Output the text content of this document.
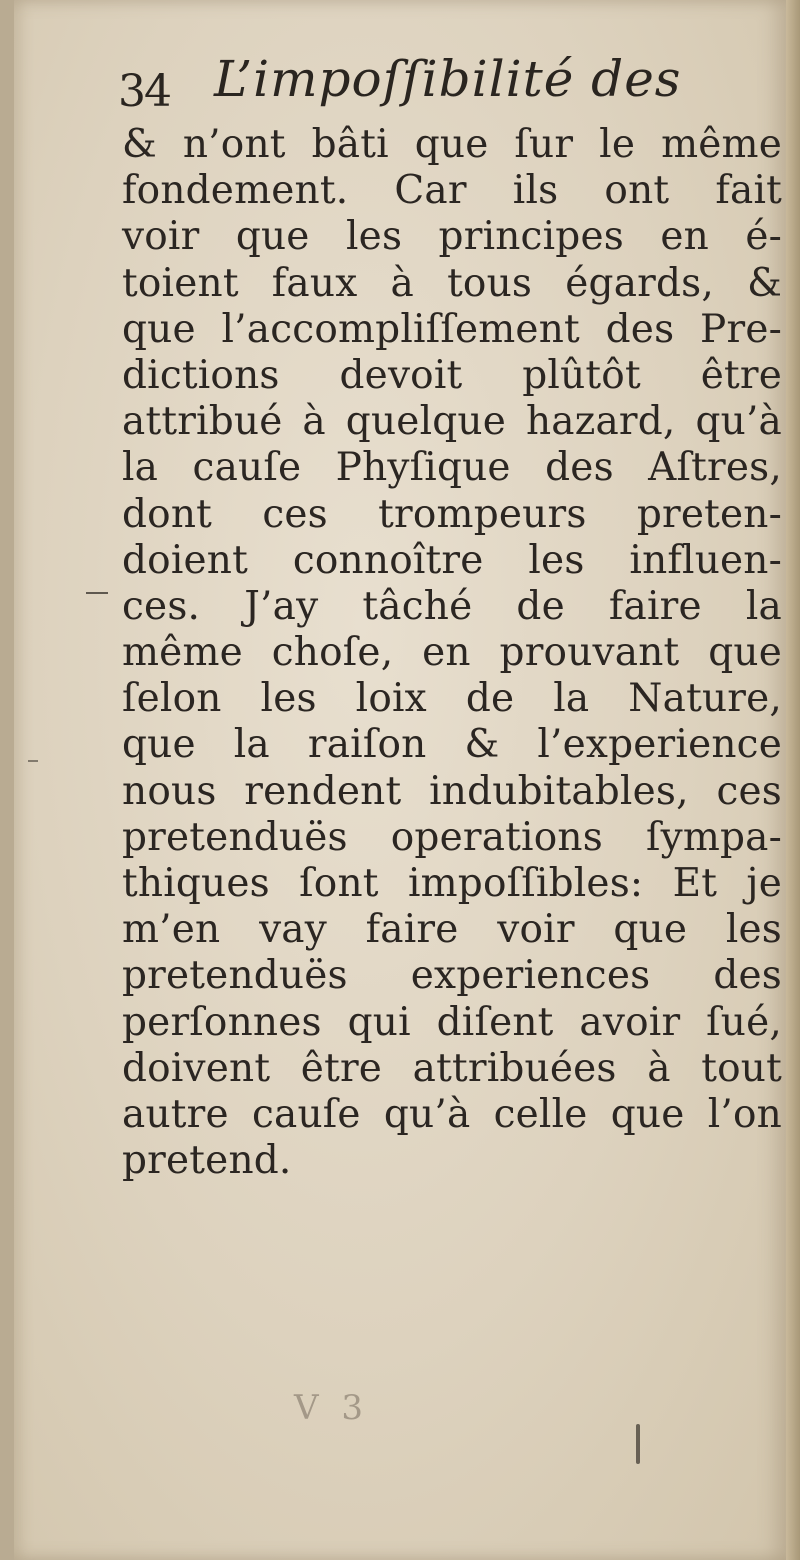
34 L’impoſſibilité des
& n’ont bâti que ſur le même
fondement. Car ils ont fait
voir que les principes en é-
toient faux à tous égards, &
que l’accompliſſement des Pre-
dictions devoit plûtôt être
attribué à quelque hazard, qu’à
la cauſe Phyſique des Aſtres,
dont ces trompeurs preten-
doient connoître les influen-
ces. J’ay tâché de faire la
même choſe, en prouvant que
ſelon les loix de la Nature,
que la raiſon & l’experience
nous rendent indubitables, ces
pretenduës operations ſympa-
thiques ſont impoſſibles: Et je
m’en vay faire voir que les
pretenduës experiences des
perſonnes qui diſent avoir ſué,
doivent être attribuées à tout
autre cauſe qu’à celle que l’on
pretend.
V 3
